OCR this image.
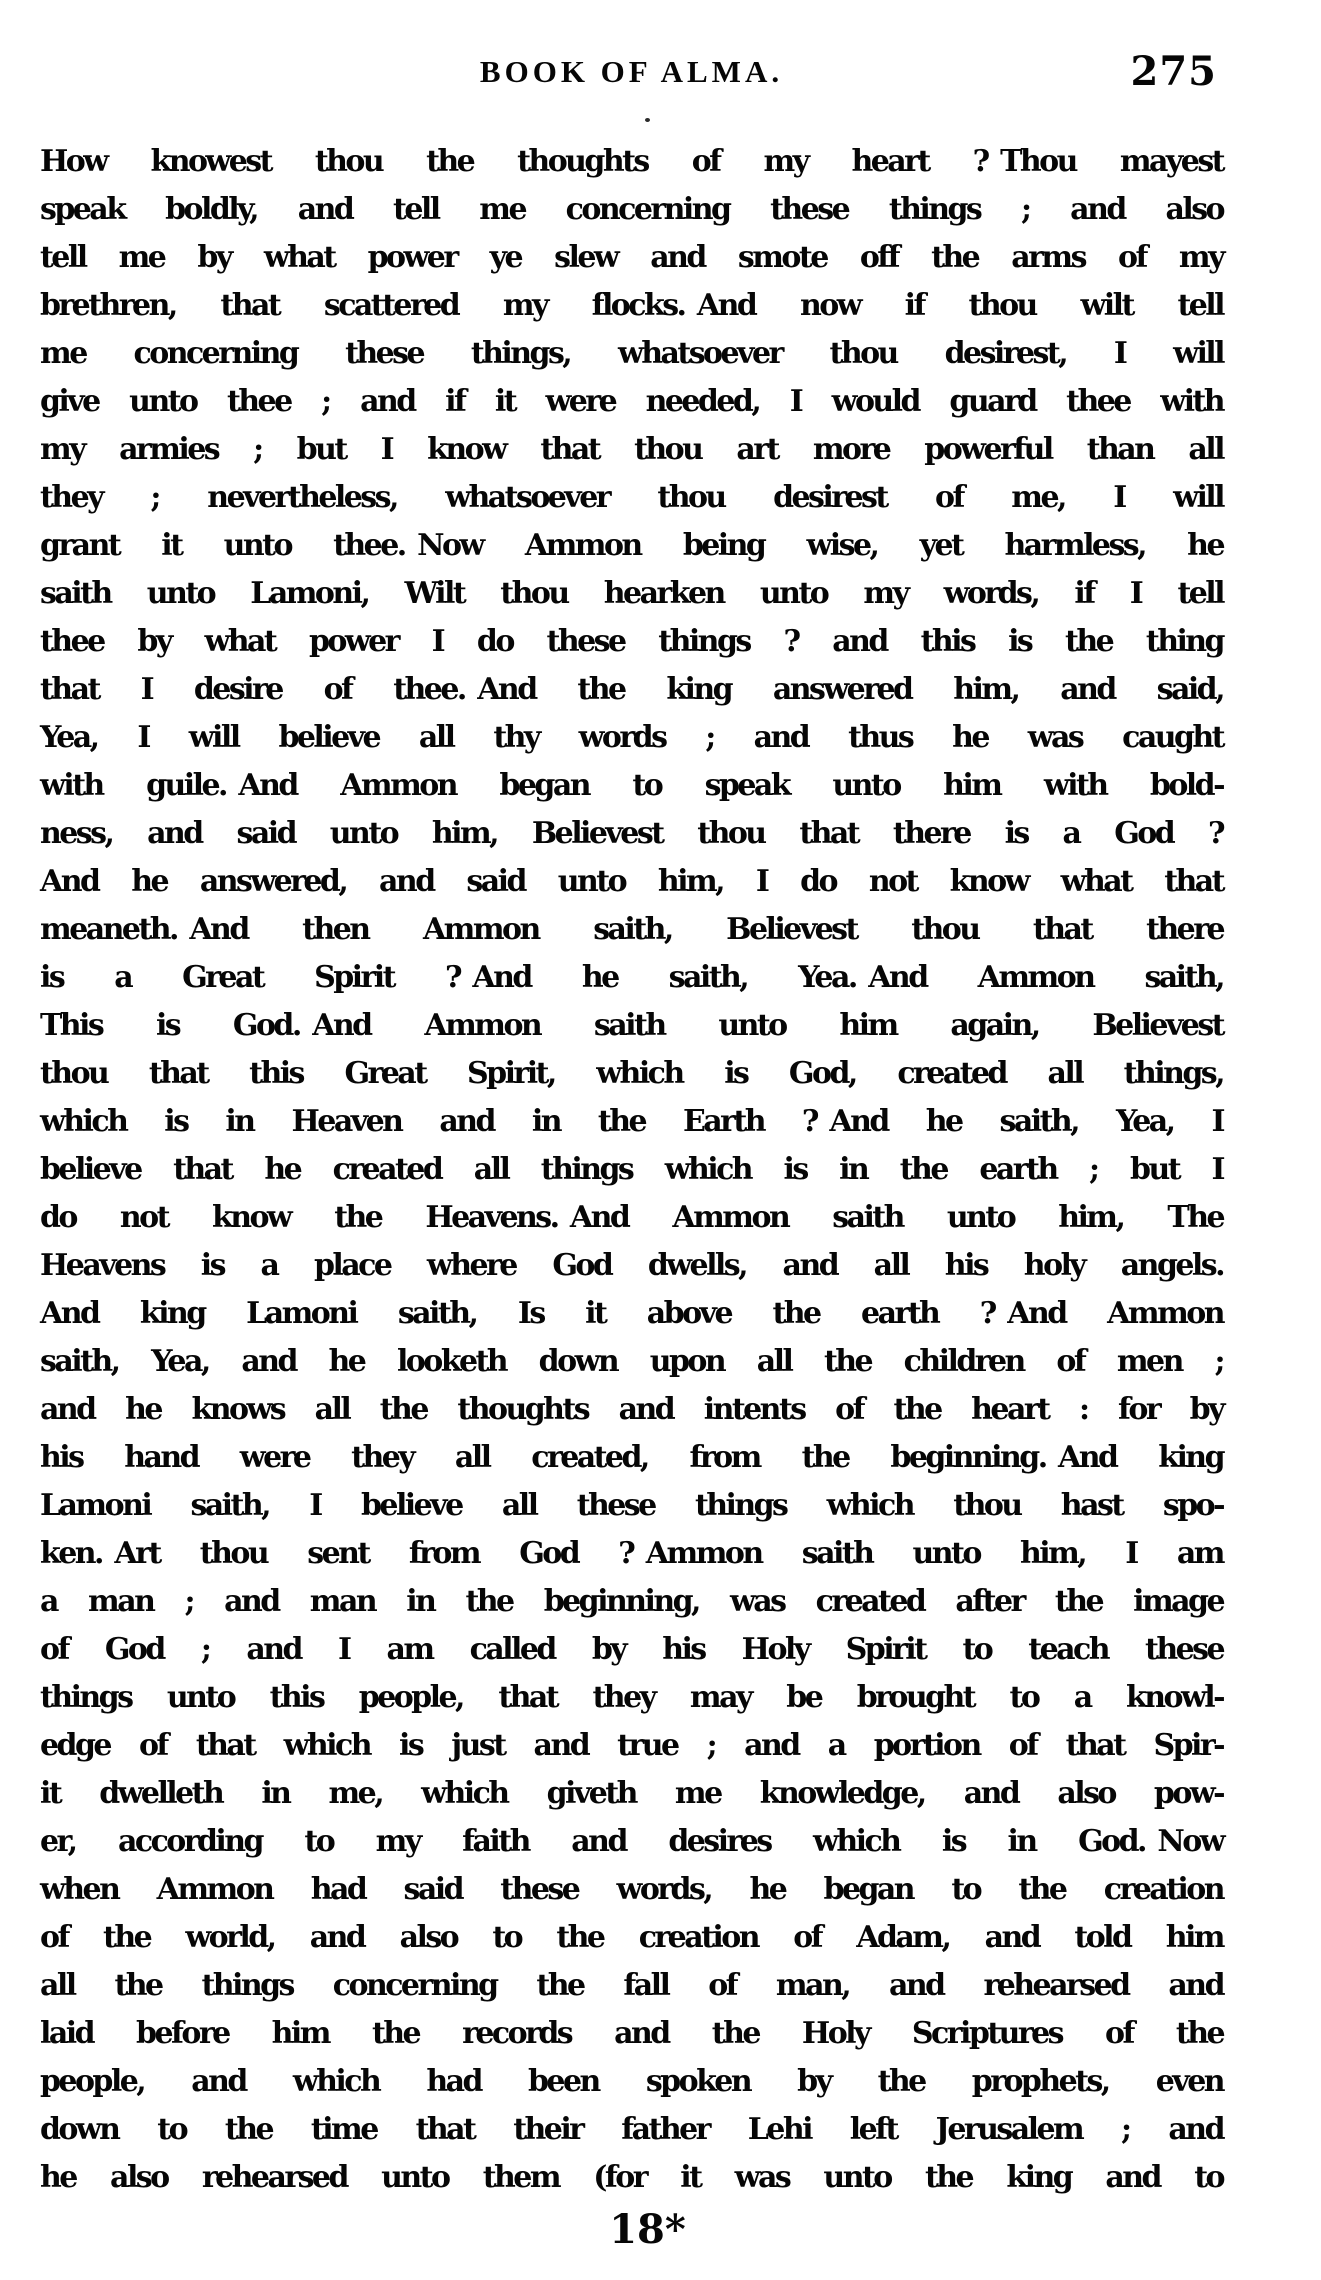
BOOK OF ALMA.	275
How knowest thou the thoughts of my heart ? Thou mayest
speak boldly, and tell me concerning these things ; and also
tell me by what power ye slew and smote off the arms of my
brethren, that scattered my flocks. And now if thou wilt tell
me concerning these things, whatsoever thou desirest, I will
give unto thee ; and if it were needed, I would guard thee with
my armies ; but I know that thou art more powerful than all
they ; nevertheless, whatsoever thou desirest of me, I will
grant it unto thee. Now Ammon being wise, yet harmless, he
saith unto Lamoni, Wilt thou hearken unto my words, if I tell
thee by what power I do these things ? and this is the thing
that I desire of thee. And the king answered him, and said,
Yea, I will believe all thy words ; and thus he was caught
with guile. And Ammon began to speak unto him with bold-
ness, and said unto him, Believest thou that there is a God ?
And he answered, and said unto him, I do not know what that
meaneth. And then Ammon saith, Believest thou that there
is a Great Spirit ? And he saith, Yea. And Ammon saith,
This is God. And Ammon saith unto him again, Believest
thou that this Great Spirit, which is God, created all things,
which is in Heaven and in the Earth ? And he saith, Yea, I
believe that he created all things which is in the earth ; but I
do not know the Heavens. And Ammon saith unto him, The
Heavens is a place where God dwells, and all his holy angels.
And king Lamoni saith, Is it above the earth ? And Ammon
saith, Yea, and he looketh down upon all the children of men ;
and he knows all the thoughts and intents of the heart : for by
his hand were they all created, from the beginning. And king
Lamoni saith, I believe all these things which thou hast spo-
ken. Art thou sent from God ? Ammon saith unto him, I am
a man ; and man in the beginning, was created after the image
of God ; and I am called by his Holy Spirit to teach these
things unto this people, that they may be brought to a knowl-
edge of that which is just and true ; and a portion of that Spir-
it dwelleth in me, which giveth me knowledge, and also pow-
er, according to my faith and desires which is in God. Now
when Ammon had said these words, he began to the creation
of the world, and also to the creation of Adam, and told him
all the things concerning the fall of man, and rehearsed and
laid before him the records and the Holy Scriptures of the
people, and which had been spoken by the prophets, even
down to the time that their father Lehi left Jerusalem ; and
he also rehearsed unto them (for it was unto the king and to
18*
